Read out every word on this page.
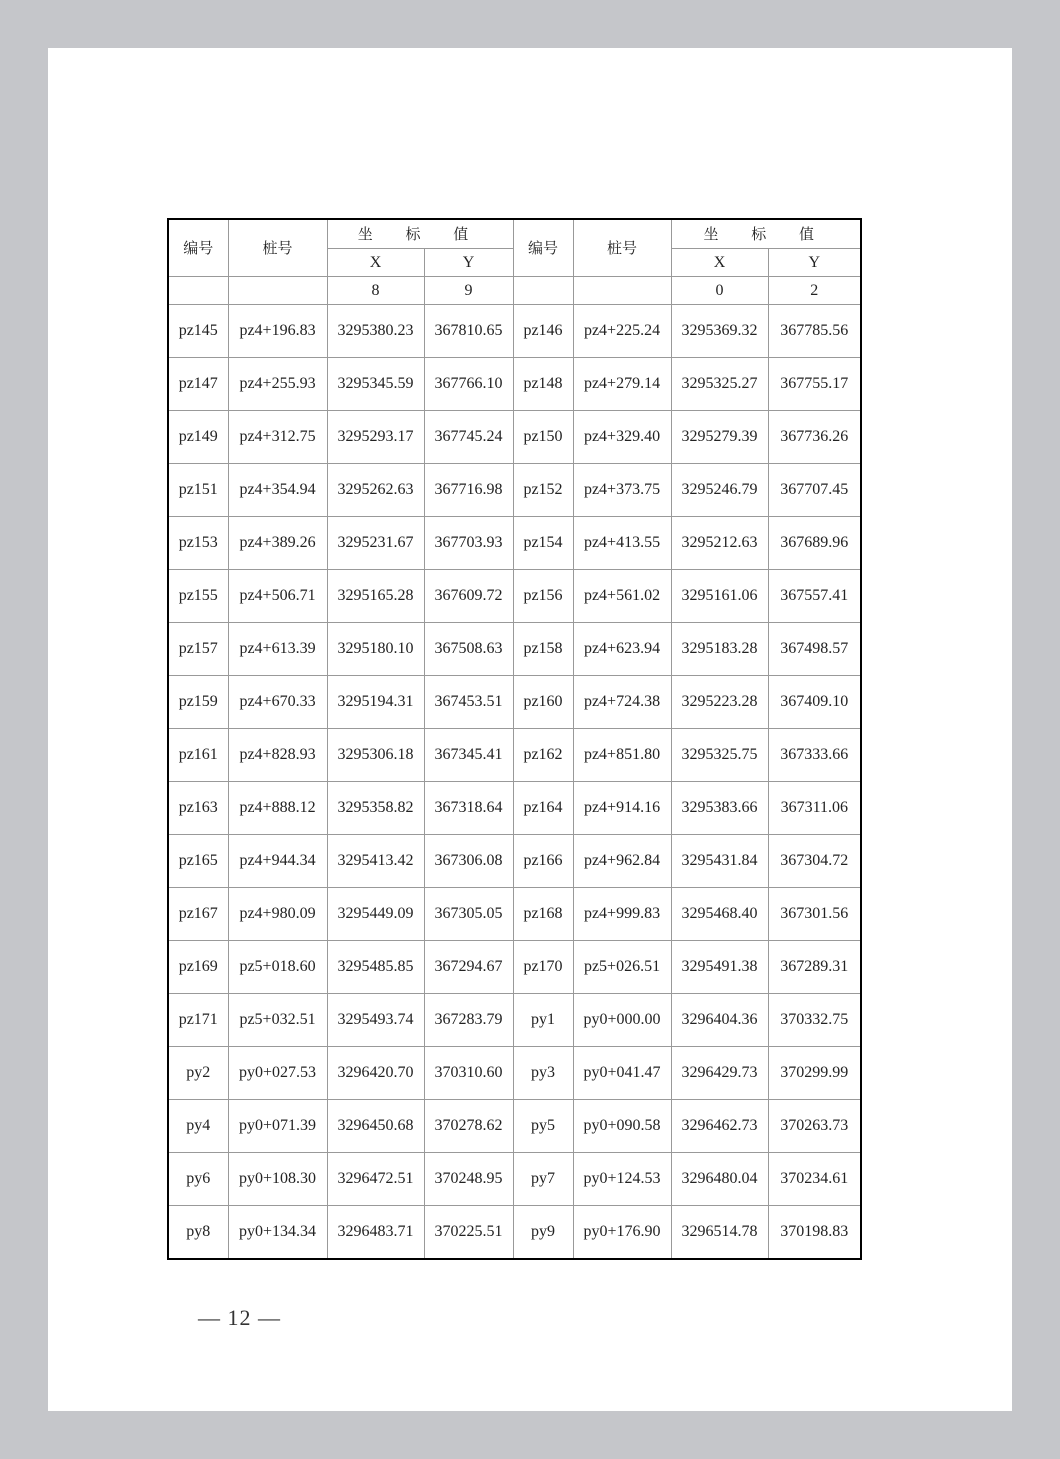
编号	桩号	坐 标 值		编号	桩号	坐 标 值	
		X	Y			X	Y
		8	9			0	2
pz145	pz4+196.83	3295380.23	367810.65	pz146	pz4+225.24	3295369.32	367785.56
pz147	pz4+255.93	3295345.59	367766.10	pz148	pz4+279.14	3295325.27	367755.17
pz149	pz4+312.75	3295293.17	367745.24	pz150	pz4+329.40	3295279.39	367736.26
pz151	pz4+354.94	3295262.63	367716.98	pz152	pz4+373.75	3295246.79	367707.45
pz153	pz4+389.26	3295231.67	367703.93	pz154	pz4+413.55	3295212.63	367689.96
pz155	pz4+506.71	3295165.28	367609.72	pz156	pz4+561.02	3295161.06	367557.41
pz157	pz4+613.39	3295180.10	367508.63	pz158	pz4+623.94	3295183.28	367498.57
pz159	pz4+670.33	3295194.31	367453.51	pz160	pz4+724.38	3295223.28	367409.10
pz161	pz4+828.93	3295306.18	367345.41	pz162	pz4+851.80	3295325.75	367333.66
pz163	pz4+888.12	3295358.82	367318.64	pz164	pz4+914.16	3295383.66	367311.06
pz165	pz4+944.34	3295413.42	367306.08	pz166	pz4+962.84	3295431.84	367304.72
pz167	pz4+980.09	3295449.09	367305.05	pz168	pz4+999.83	3295468.40	367301.56
pz169	pz5+018.60	3295485.85	367294.67	pz170	pz5+026.51	3295491.38	367289.31
pz171	pz5+032.51	3295493.74	367283.79	py1	py0+000.00	3296404.36	370332.75
py2	py0+027.53	3296420.70	370310.60	py3	py0+041.47	3296429.73	370299.99
py4	py0+071.39	3296450.68	370278.62	py5	py0+090.58	3296462.73	370263.73
py6	py0+108.30	3296472.51	370248.95	py7	py0+124.53	3296480.04	370234.61
py8	py0+134.34	3296483.71	370225.51	py9	py0+176.90	3296514.78	370198.83
— 12 —
